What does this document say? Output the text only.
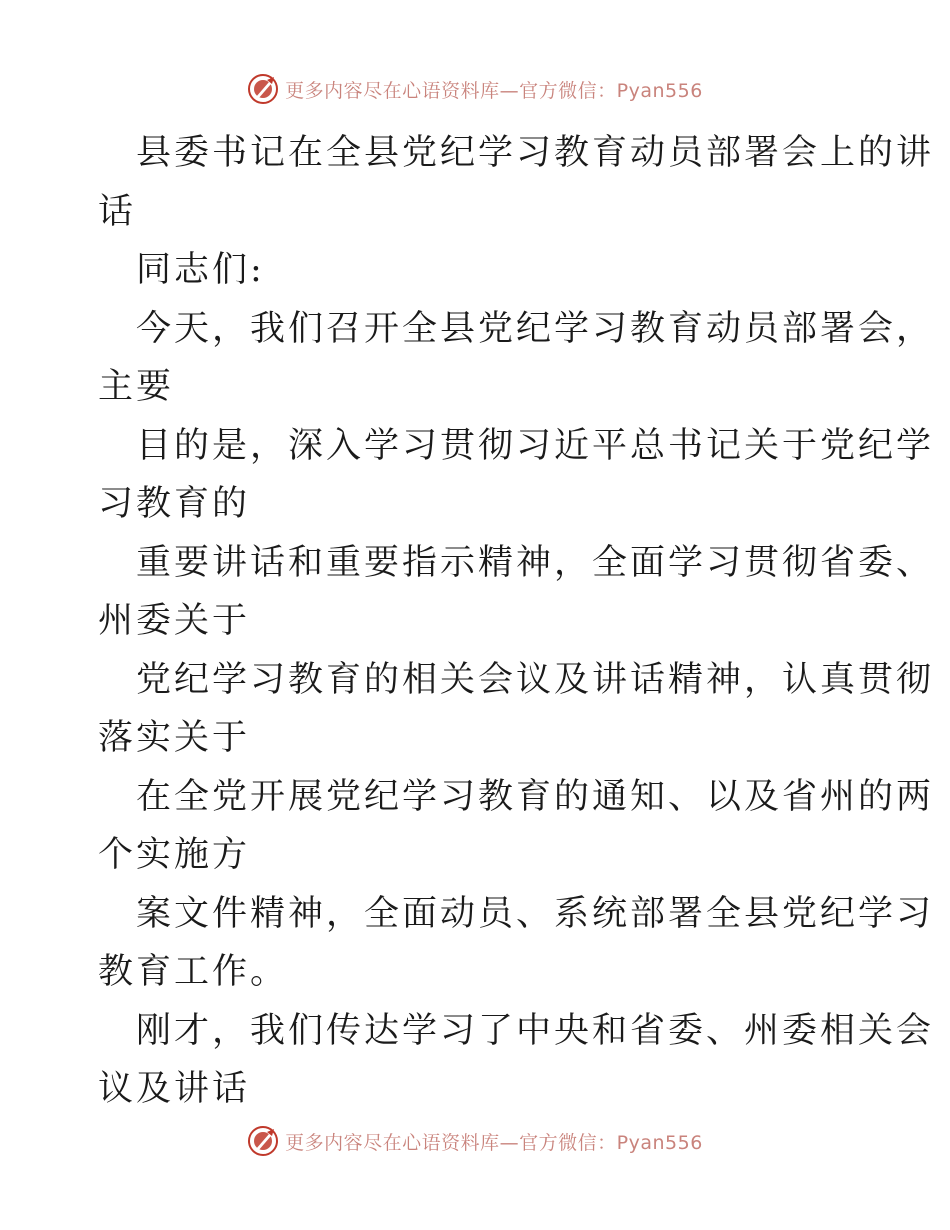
更多内容尽在心语资料库—官方微信：Pyan556
县委书记在全县党纪学习教育动员部署会上的讲
话
同志们:
今天，我们召开全县党纪学习教育动员部署会，
主要
目的是，深入学习贯彻习近平总书记关于党纪学
习教育的
重要讲话和重要指示精神，全面学习贯彻省委、
州委关于
党纪学习教育的相关会议及讲话精神，认真贯彻
落实关于
在全党开展党纪学习教育的通知、以及省州的两
个实施方
案文件精神，全面动员、系统部署全县党纪学习
教育工作。
刚才，我们传达学习了中央和省委、州委相关会
议及讲话
更多内容尽在心语资料库—官方微信：Pyan556
